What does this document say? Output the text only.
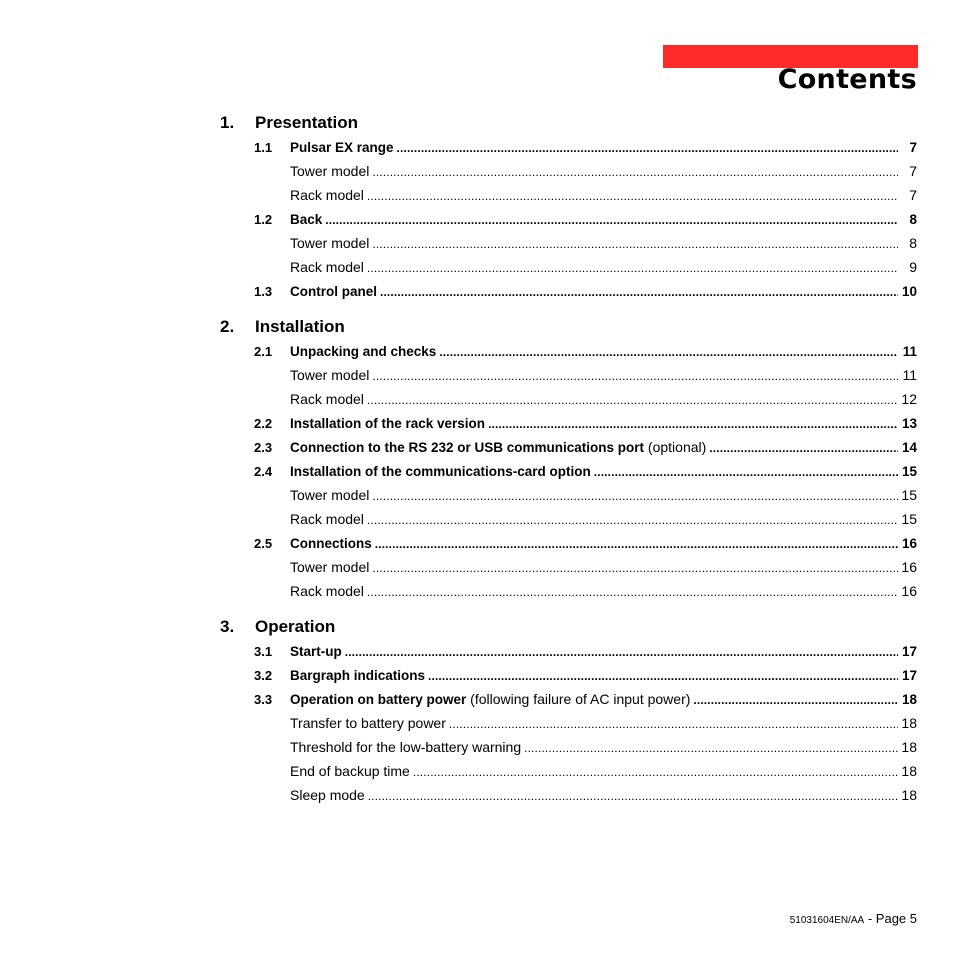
Contents
1.	Presentation
1.1	Pulsar EX range . . .	7
Tower model . . .	7
Rack model . . .	7
1.2	Back . . .	8
Tower model . . .	8
Rack model . . .	9
1.3	Control panel . . .	10
2.	Installation
2.1	Unpacking and checks . . .	11
Tower model . . .	11
Rack model . . .	12
2.2	Installation of the rack version . . .	13
2.3	Connection to the RS 232 or USB communications port (optional) . . .	14
2.4	Installation of the communications-card option . . .	15
Tower model . . .	15
Rack model . . .	15
2.5	Connections . . .	16
Tower model . . .	16
Rack model . . .	16
3.	Operation
3.1	Start-up . . .	17
3.2	Bargraph indications . . .	17
3.3	Operation on battery power (following failure of AC input power) . . .	18
Transfer to battery power . . .	18
Threshold for the low-battery warning . . .	18
End of backup time . . .	18
Sleep mode . . .	18
51031604EN/AA - Page 5
